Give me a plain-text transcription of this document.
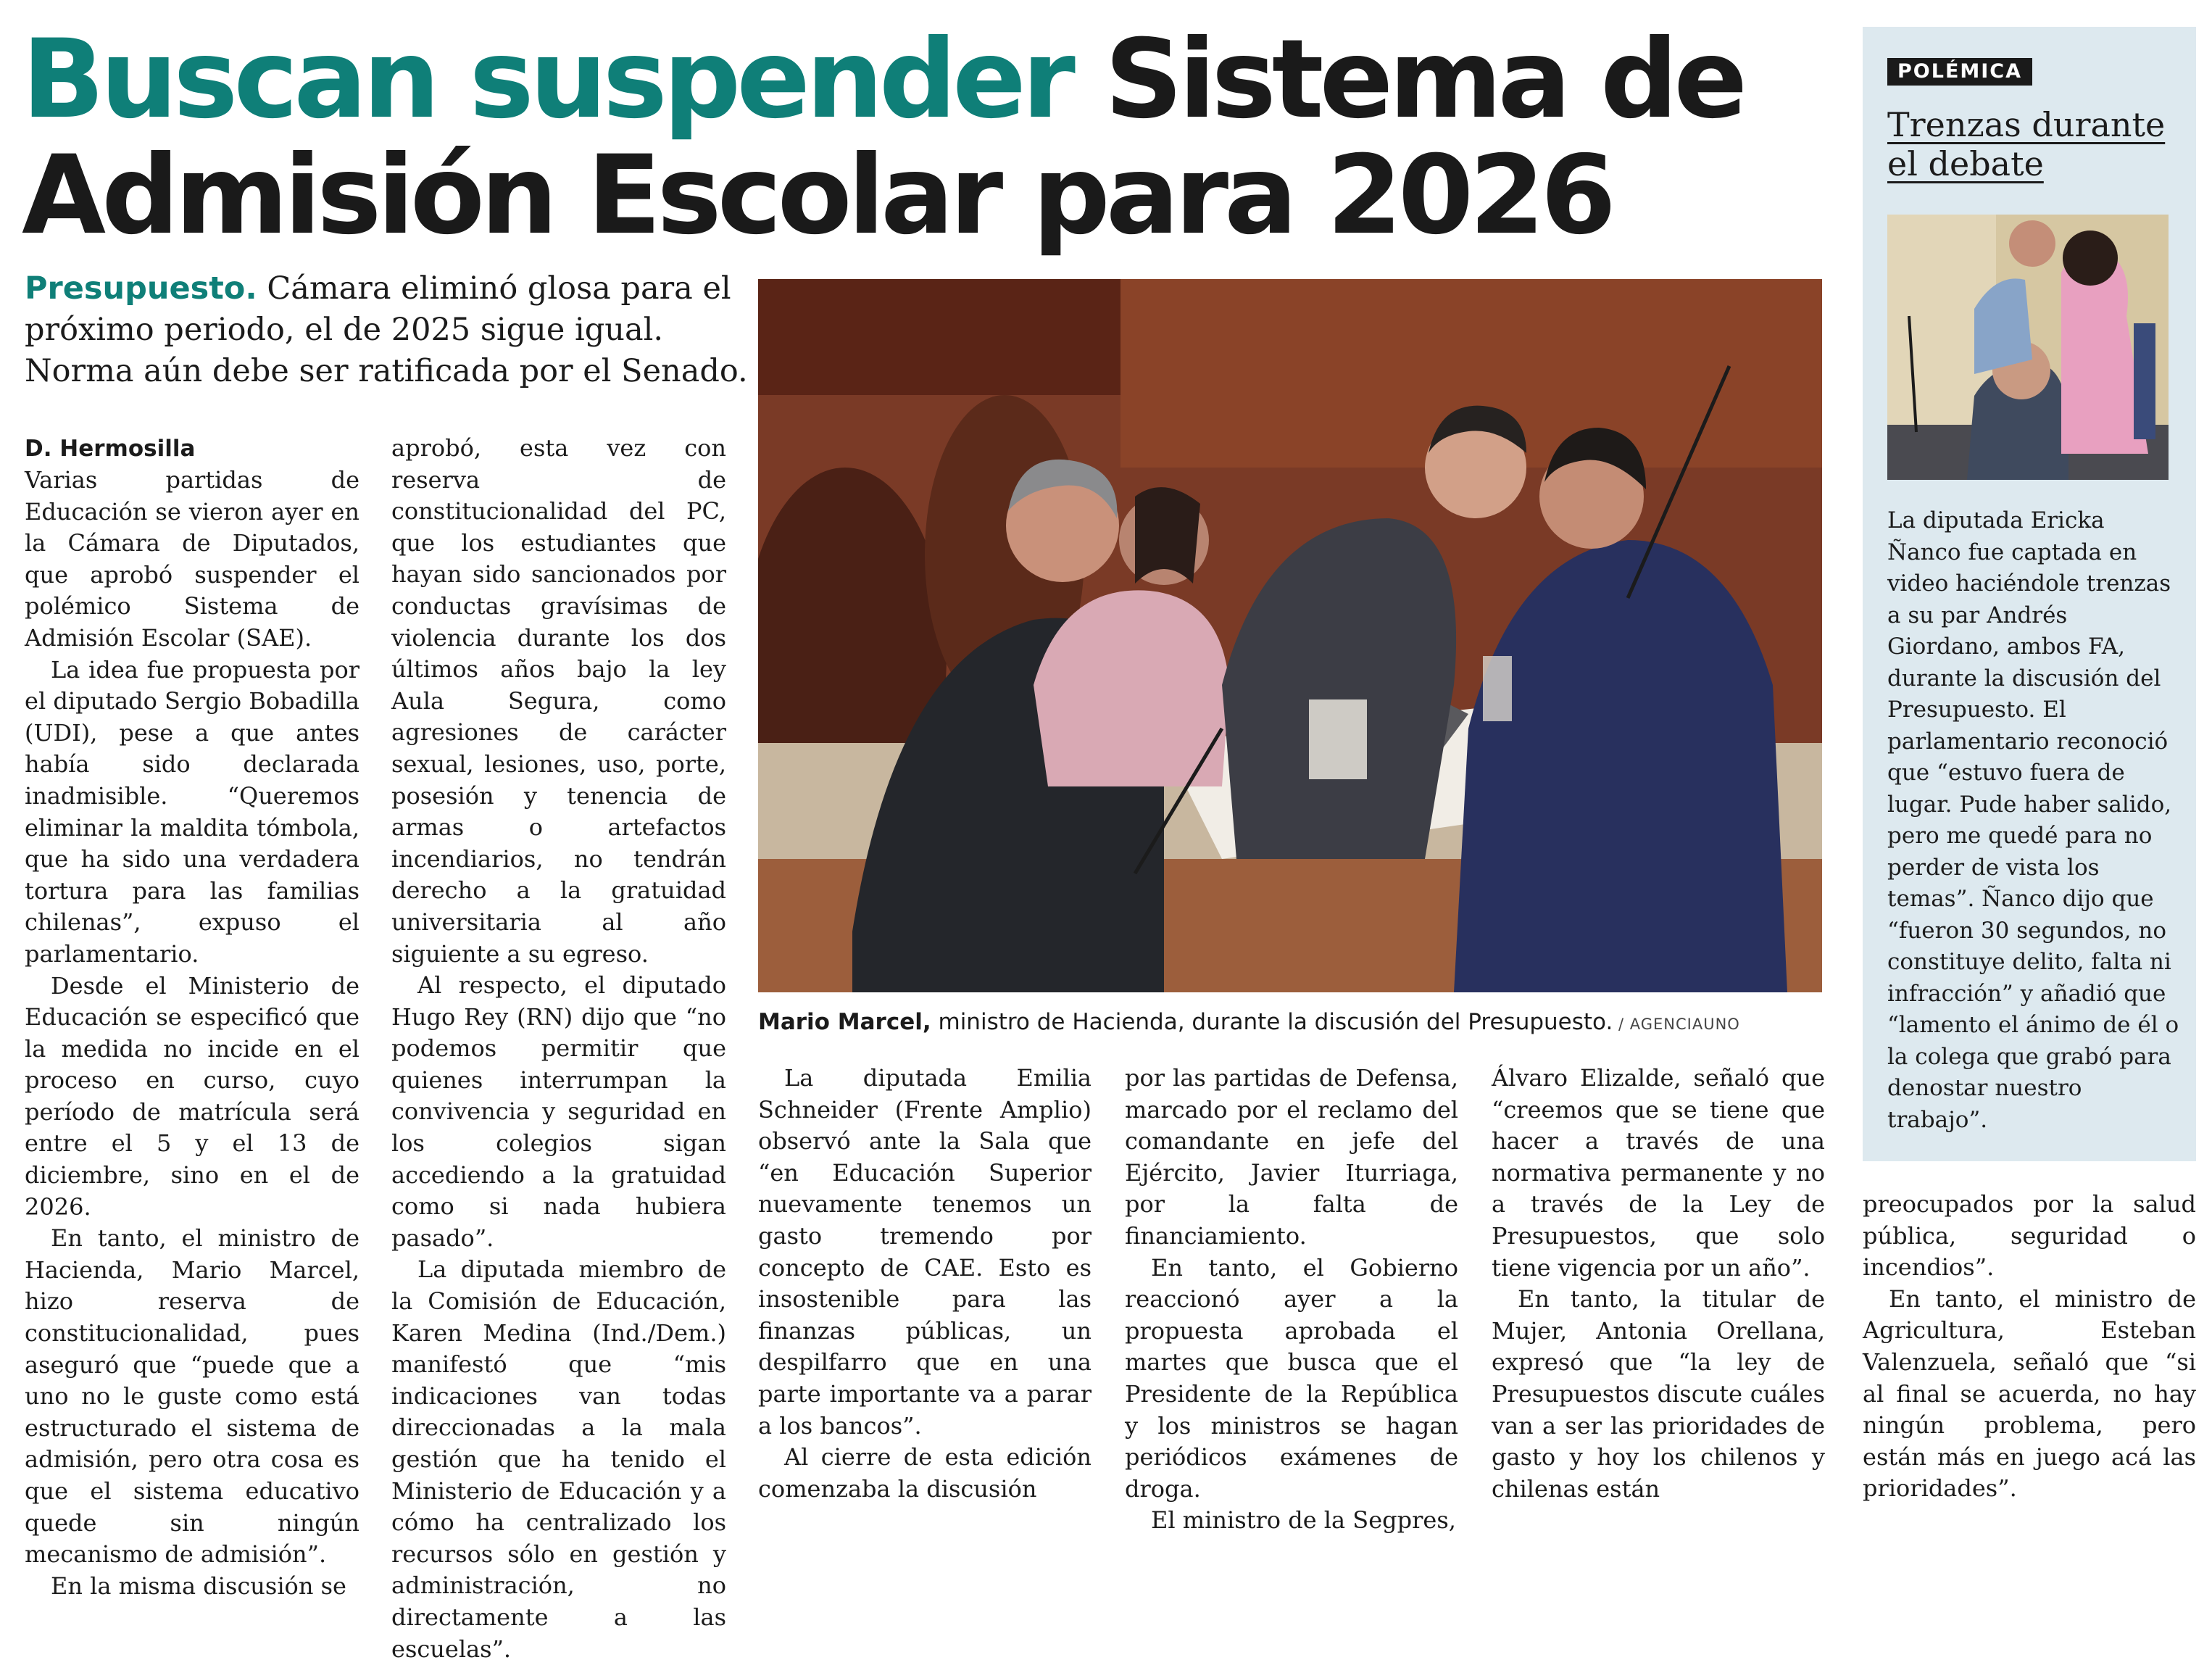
Buscan suspender Sistema de Admisión Escolar para 2026
Presupuesto. Cámara eliminó glosa para el próximo periodo, el de 2025 sigue igual. Norma aún debe ser ratificada por el Senado.
D. Hermosilla

Varias partidas de Educación se vieron ayer en la Cámara de Diputados, que aprobó suspender el polémico Sistema de Admisión Escolar (SAE).

La idea fue propuesta por el diputado Sergio Bobadilla (UDI), pese a que antes había sido declarada inadmisible. “Queremos eliminar la maldita tómbola, que ha sido una verdadera tortura para las familias chilenas”, expuso el parlamentario.

Desde el Ministerio de Educación se especificó que la medida no incide en el proceso en curso, cuyo período de matrícula será entre el 5 y el 13 de diciembre, sino en el de 2026.

En tanto, el ministro de Hacienda, Mario Marcel, hizo reserva de constitucionalidad, pues aseguró que “puede que a uno no le guste como está estructurado el sistema de admisión, pero otra cosa es que el sistema educativo quede sin ningún mecanismo de admisión”.

En la misma discusión se

aprobó, esta vez con reserva de constitucionalidad del PC, que los estudiantes que hayan sido sancionados por conductas gravísimas de violencia durante los dos últimos años bajo la ley Aula Segura, como agresiones de carácter sexual, lesiones, uso, porte, posesión y tenencia de armas o artefactos incendiarios, no tendrán derecho a la gratuidad universitaria al año siguiente a su egreso.

Al respecto, el diputado Hugo Rey (RN) dijo que “no podemos permitir que quienes interrumpan la convivencia y seguridad en los colegios sigan accediendo a la gratuidad como si nada hubiera pasado”.

La diputada miembro de la Comisión de Educación, Karen Medina (Ind./Dem.) manifestó que “mis indicaciones van todas direccionadas a la mala gestión que ha tenido el Ministerio de Educación y a cómo ha centralizado los recursos sólo en gestión y administración, no directamente a las escuelas”.

Mario Marcel, ministro de Hacienda, durante la discusión del Presupuesto. / AGENCIAUNO

La diputada Emilia Schneider (Frente Amplio) observó ante la Sala que “en Educación Superior nuevamente tenemos un gasto tremendo por concepto de CAE. Esto es insostenible para las finanzas públicas, un despilfarro que en una parte importante va a parar a los bancos”.

Al cierre de esta edición comenzaba la discusión

por las partidas de Defensa, marcado por el reclamo del comandante en jefe del Ejército, Javier Iturriaga, por la falta de financiamiento.

En tanto, el Gobierno reaccionó ayer a la propuesta aprobada el martes que busca que el Presidente de la República y los ministros se hagan periódicos exámenes de droga.

El ministro de la Segpres,

Álvaro Elizalde, señaló que “creemos que se tiene que hacer a través de una normativa permanente y no a través de la Ley de Presupuestos, que solo tiene vigencia por un año”.

En tanto, la titular de Mujer, Antonia Orellana, expresó que “la ley de Presupuestos discute cuáles van a ser las prioridades de gasto y hoy los chilenos y chilenas están

POLÉMICA
Trenzas durante el debate
La diputada Ericka Ñanco fue captada en video haciéndole trenzas a su par Andrés Giordano, ambos FA, durante la discusión del Presupuesto. El parlamentario reconoció que “estuvo fuera de lugar. Pude haber salido, pero me quedé para no perder de vista los temas”. Ñanco dijo que “fueron 30 segundos, no constituye delito, falta ni infracción” y añadió que “lamento el ánimo de él o la colega que grabó para denostar nuestro trabajo”.

preocupados por la salud pública, seguridad o incendios”.

En tanto, el ministro de Agricultura, Esteban Valenzuela, señaló que “si al final se acuerda, no hay ningún problema, pero están más en juego acá las prioridades”.
